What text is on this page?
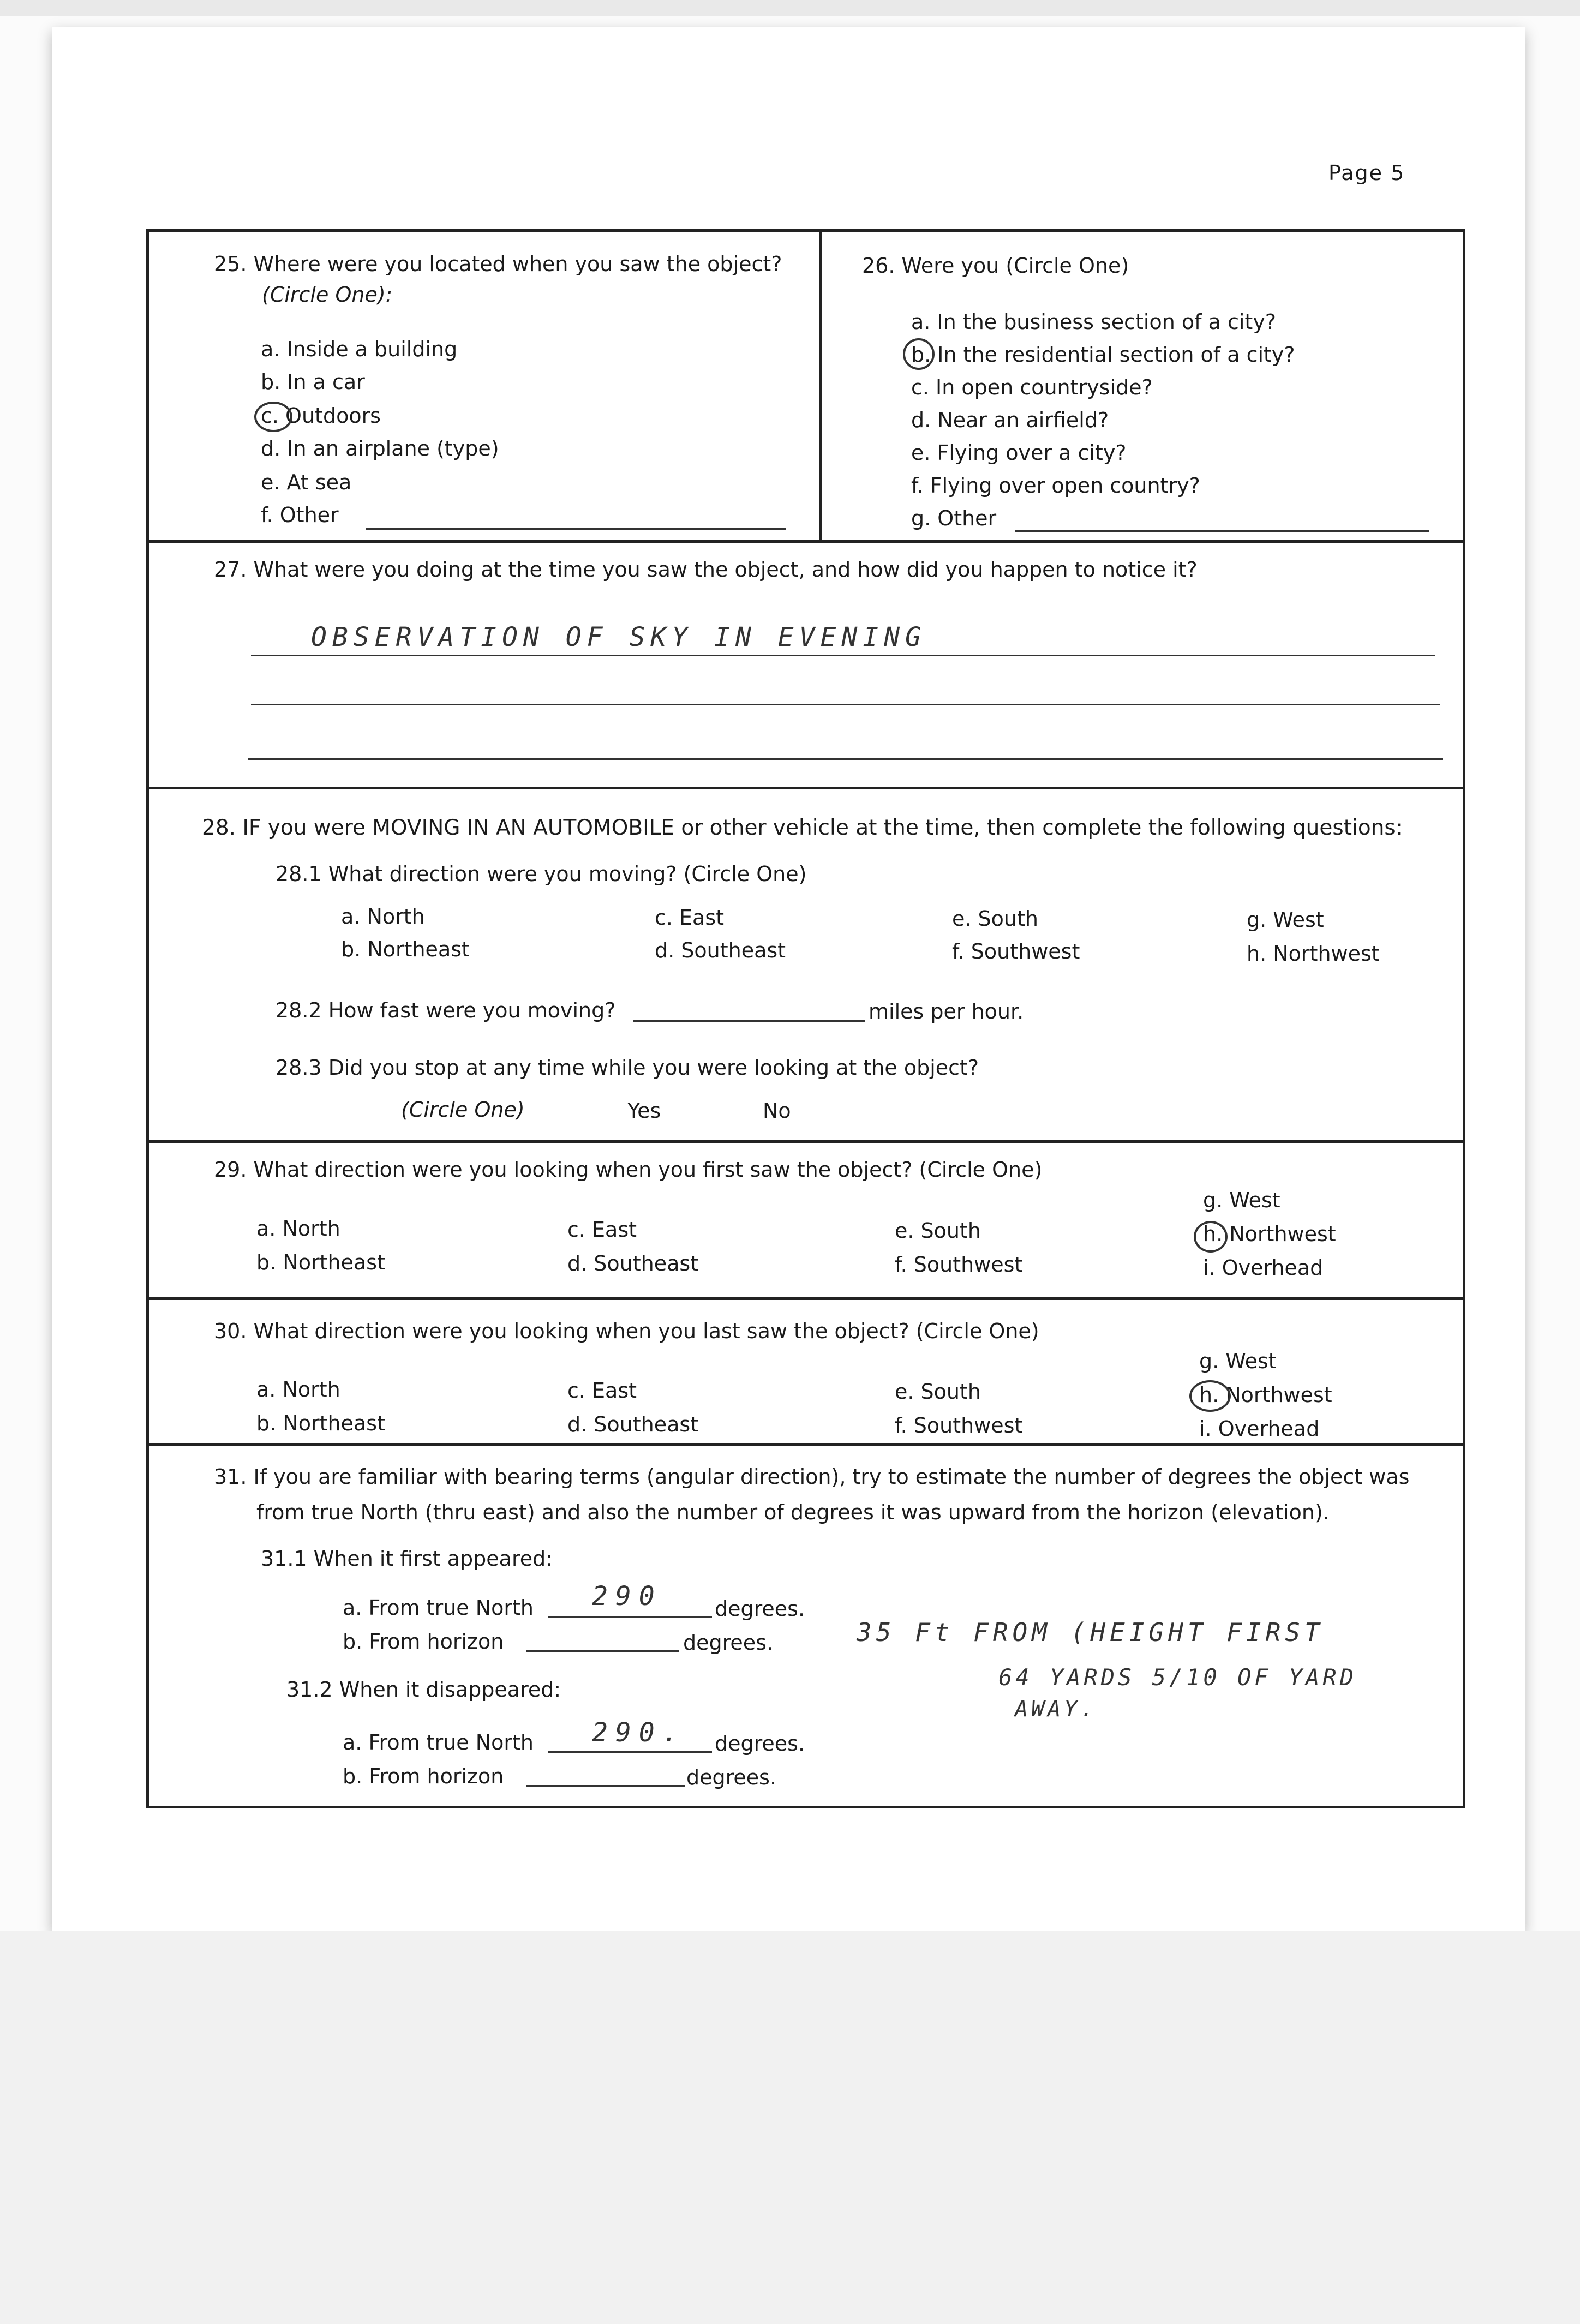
Page 5
25. Where were you located when you saw the object?
(Circle One):
a. Inside a building
b. In a car
c. Outdoors
d. In an airplane (type)
e. At sea
f. Other
26. Were you (Circle One)
a. In the business section of a city?
b. In the residential section of a city?
c. In open countryside?
d. Near an airfield?
e. Flying over a city?
f. Flying over open country?
g. Other
27. What were you doing at the time you saw the object, and how did you happen to notice it?
OBSERVATION OF SKY IN EVENING
28. IF you were MOVING IN AN AUTOMOBILE or other vehicle at the time, then complete the following questions:
28.1 What direction were you moving? (Circle One)
a. North
b. Northeast
c. East
d. Southeast
e. South
f. Southwest
g. West
h. Northwest
28.2 How fast were you moving?	miles per hour.
28.3 Did you stop at any time while you were looking at the object?
(Circle One)	Yes	No
29. What direction were you looking when you first saw the object? (Circle One)
a. North
b. Northeast
c. East
d. Southeast
e. South
f. Southwest
g. West
h. Northwest
i. Overhead
30. What direction were you looking when you last saw the object? (Circle One)
a. North
b. Northeast
c. East
d. Southeast
e. South
f. Southwest
g. West
h. Northwest
i. Overhead
31. If you are familiar with bearing terms (angular direction), try to estimate the number of degrees the object was
from true North (thru east) and also the number of degrees it was upward from the horizon (elevation).
31.1 When it first appeared:
a. From true North 290	degrees.
b. From horizon	degrees.
31.2 When it disappeared:
a. From true North 290. degrees.
b. From horizon	degrees.
35 Ft FROM (HEIGHT FIRST
64 YARDS 5/10 OF YARD
AWAY.
